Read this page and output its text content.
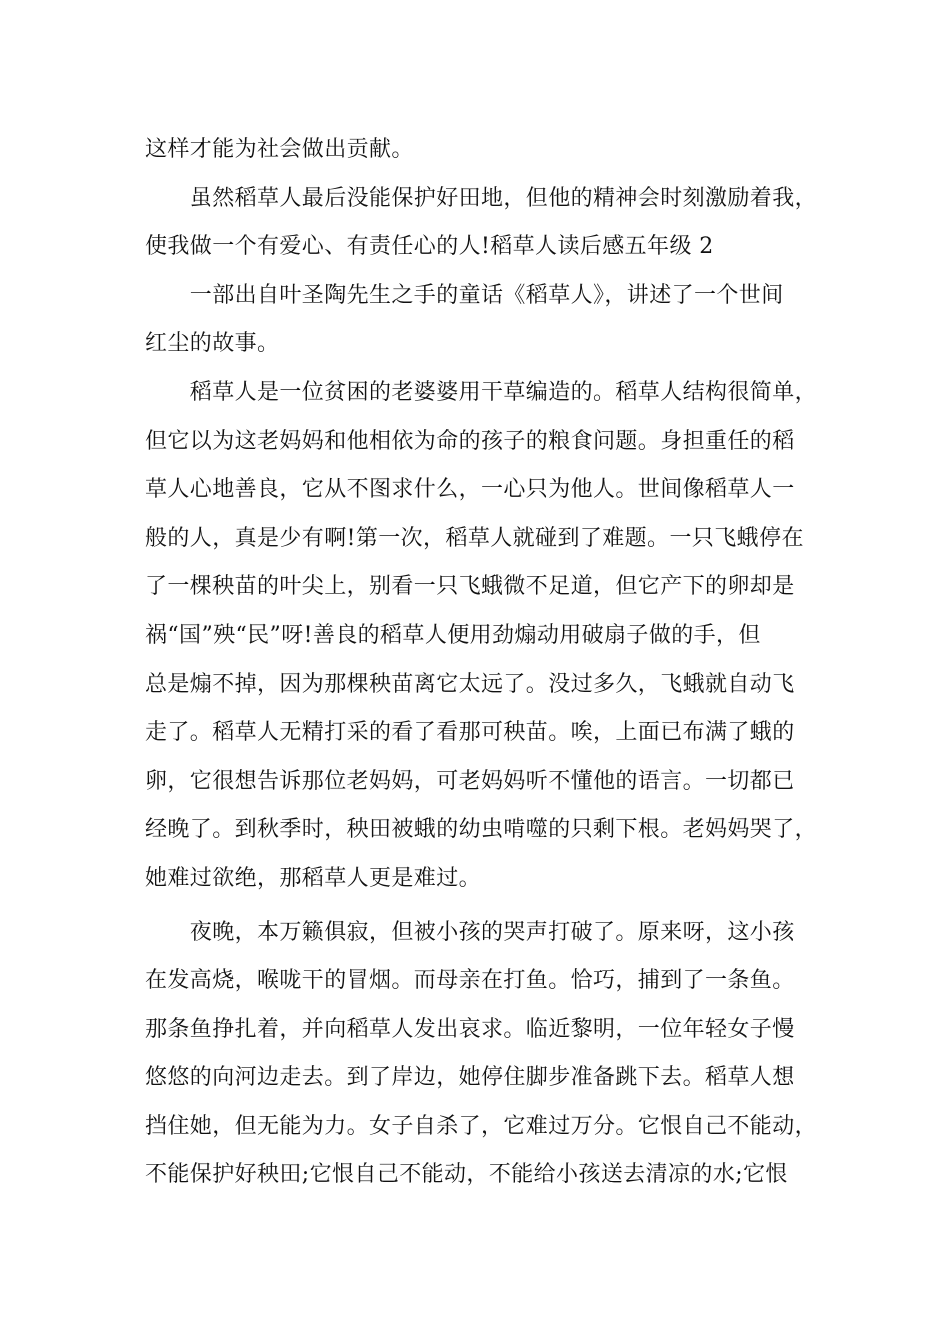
这样才能为社会做出贡献。
　　虽然稻草人最后没能保护好田地，但他的精神会时刻激励着我，
使我做一个有爱心、有责任心的人!稻草人读后感五年级 2
　　一部出自叶圣陶先生之手的童话《稻草人》，讲述了一个世间
红尘的故事。
　　稻草人是一位贫困的老婆婆用干草编造的。稻草人结构很简单，
但它以为这老妈妈和他相依为命的孩子的粮食问题。身担重任的稻
草人心地善良，它从不图求什么，一心只为他人。世间像稻草人一
般的人，真是少有啊!第一次，稻草人就碰到了难题。一只飞蛾停在
了一棵秧苗的叶尖上，别看一只飞蛾微不足道，但它产下的卵却是
祸“国”殃“民”呀!善良的稻草人便用劲煽动用破扇子做的手，但
总是煽不掉，因为那棵秧苗离它太远了。没过多久，飞蛾就自动飞
走了。稻草人无精打采的看了看那可秧苗。唉，上面已布满了蛾的
卵，它很想告诉那位老妈妈，可老妈妈听不懂他的语言。一切都已
经晚了。到秋季时，秧田被蛾的幼虫啃噬的只剩下根。老妈妈哭了，
她难过欲绝，那稻草人更是难过。
　　夜晚，本万籁俱寂，但被小孩的哭声打破了。原来呀，这小孩
在发高烧，喉咙干的冒烟。而母亲在打鱼。恰巧，捕到了一条鱼。
那条鱼挣扎着，并向稻草人发出哀求。临近黎明，一位年轻女子慢
悠悠的向河边走去。到了岸边，她停住脚步准备跳下去。稻草人想
挡住她，但无能为力。女子自杀了，它难过万分。它恨自己不能动，
不能保护好秧田;它恨自己不能动，不能给小孩送去清凉的水;它恨
